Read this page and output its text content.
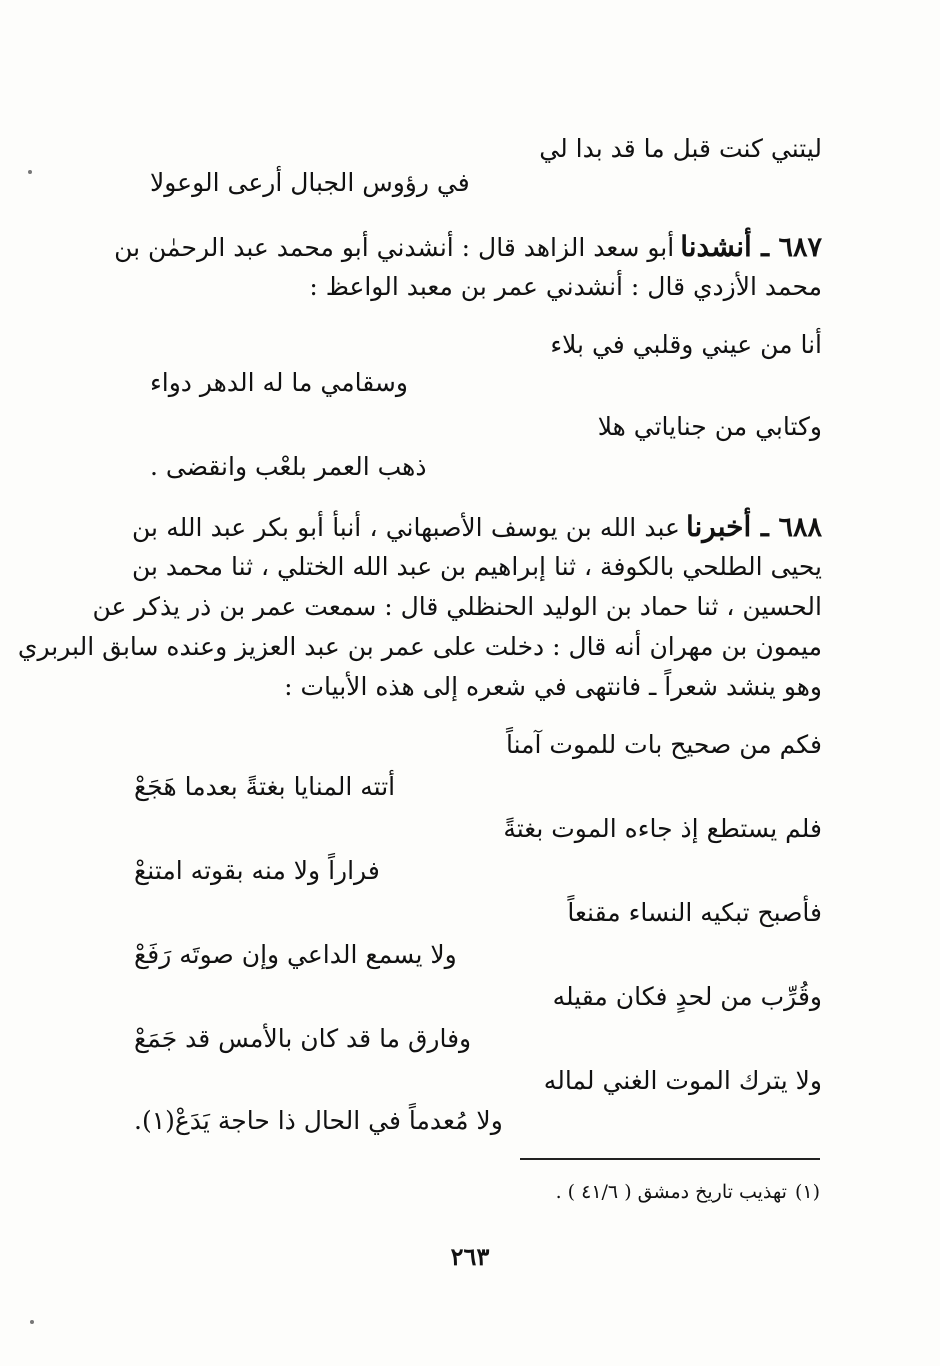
ليتني كنت قبل ما قد بدا لي
في رؤوس الجبال أرعى الوعولا
٦٨٧ ـ أنشدناأبو سعد الزاهد قال : أنشدني أبو محمد عبد الرحمٰن بن
محمد الأزدي قال : أنشدني عمر بن معبد الواعظ :
أنا من عيني وقلبي في بلاء
وسقامي ما له الدهر دواء
وكتابي من جناياتي هلا
ذهب العمر بلعْب وانقضى .
٦٨٨ ـ أخبرناعبد الله بن يوسف الأصبهاني ، أنبأ أبو بكر عبد الله بن
يحيى الطلحي بالكوفة ، ثنا إبراهيم بن عبد الله الختلي ، ثنا محمد بن
الحسين ، ثنا حماد بن الوليد الحنظلي قال : سمعت عمر بن ذر يذكر عن
ميمون بن مهران أنه قال : دخلت على عمر بن عبد العزيز وعنده سابق البربري
وهو ينشد شعراً ـ فانتهى في شعره إلى هذه الأبيات :
فكم من صحيح بات للموت آمناً
أتته المنايا بغتةً بعدما هَجَعْ
فلم يستطع إذ جاءه الموت بغتةً
فراراً ولا منه بقوته امتنعْ
فأصبح تبكيه النساء مقنعاً
ولا يسمع الداعي وإن صوتَه رَفَعْ
وقُرِّب من لحدٍ فكان مقيله
وفارق ما قد كان بالأمس قد جَمَعْ
ولا يترك الموت الغني لماله
ولا مُعدماً في الحال ذا حاجة يَدَعْ(١).
(١)تهذيب تاريخ دمشق ( ٤١/٦ ) .
٢٦٣
